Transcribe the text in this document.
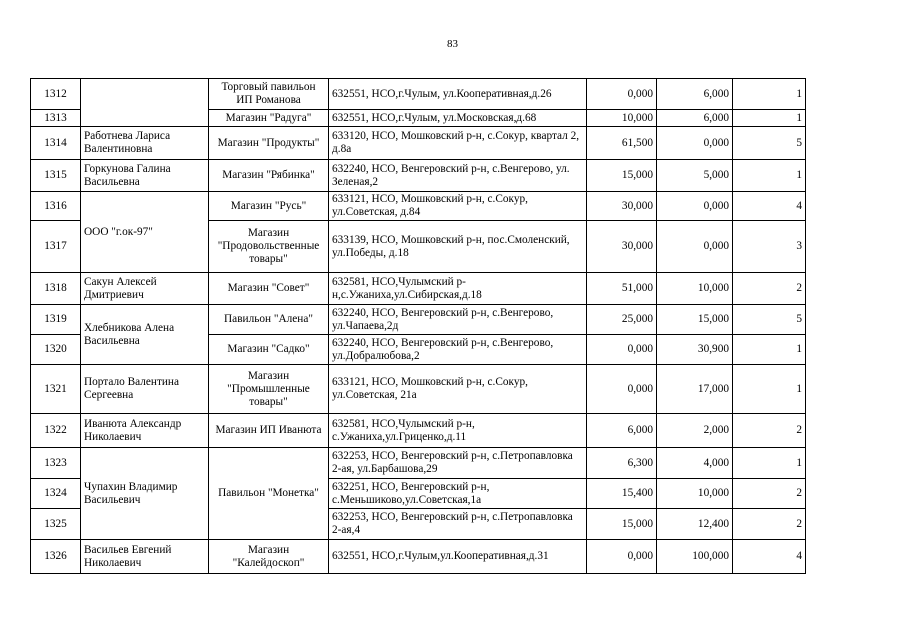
83
1312		Торговый павильон ИП Романова	632551, НСО,г.Чулым, ул.Кооперативная,д.26	0,000	6,000	1
1313		Магазин "Радуга"	632551, НСО,г.Чулым, ул.Московская,д.68	10,000	6,000	1
1314	Работнева Лариса Валентиновна	Магазин "Продукты"	633120, НСО, Мошковский р-н, с.Сокур, квартал 2, д.8а	61,500	0,000	5
1315	Горкунова Галина Васильевна	Магазин "Рябинка"	632240, НСО, Венгеровский р-н, с.Венгерово, ул. Зеленая,2	15,000	5,000	1
1316	ООО "г.ок-97"	Магазин "Русь"	633121, НСО, Мошковский р-н, с.Сокур, ул.Советская, д.84	30,000	0,000	4
1317		Магазин "Продовольственные товары"	633139, НСО, Мошковский р-н, пос.Смоленский, ул.Победы, д.18	30,000	0,000	3
1318	Сакун Алексей Дмитриевич	Магазин "Совет"	632581, НСО,Чулымский р-н,с.Ужаниха,ул.Сибирская,д.18	51,000	10,000	2
1319	Хлебникова Алена Васильевна	Павильон "Алена"	632240, НСО, Венгеровский р-н, с.Венгерово, ул.Чапаева,2д	25,000	15,000	5
1320		Магазин "Садко"	632240, НСО, Венгеровский р-н, с.Венгерово, ул.Добралюбова,2	0,000	30,900	1
1321	Портало Валентина Сергеевна	Магазин "Промышленные товары"	633121, НСО, Мошковский р-н, с.Сокур, ул.Советская, 21а	0,000	17,000	1
1322	Иванюта Александр Николаевич	Магазин ИП Иванюта	632581, НСО,Чулымский р-н, с.Ужаниха,ул.Гриценко,д.11	6,000	2,000	2
1323	Чупахин Владимир Васильевич	Павильон "Монетка"	632253, НСО, Венгеровский р-н, с.Петропавловка 2-ая, ул.Барбашова,29	6,300	4,000	1
1324			632251, НСО, Венгеровский р-н, с.Меньшиково,ул.Советская,1а	15,400	10,000	2
1325			632253, НСО, Венгеровский р-н, с.Петропавловка 2-ая,4	15,000	12,400	2
1326	Васильев Евгений Николаевич	Магазин "Калейдоскоп"	632551, НСО,г.Чулым,ул.Кооперативная,д.31	0,000	100,000	4
